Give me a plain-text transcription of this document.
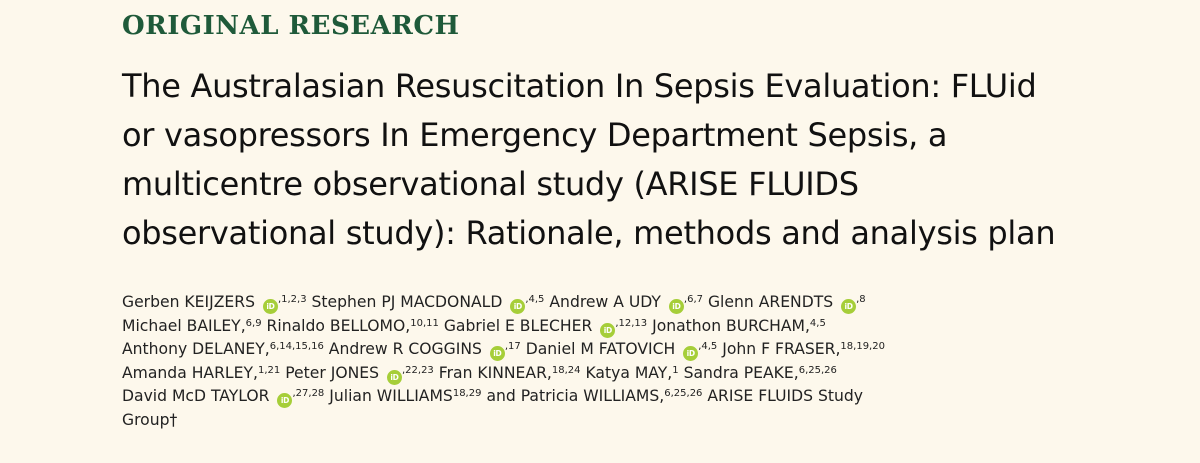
ORIGINAL RESEARCH
The Australasian Resuscitation In Sepsis Evaluation: FLUid
or vasopressors In Emergency Department Sepsis, a
multicentre observational study (ARISE FLUIDS
observational study): Rationale, methods and analysis plan
Gerben KEIJZERS iD $^{,1,2,3}$ Stephen PJ MACDONALD iD $^{,4,5}$ Andrew A UDY iD $^{,6,7}$ Glenn ARENDTS iD $^{,8}$
Michael BAILEY,$^{6,9}$ Rinaldo BELLOMO,$^{10,11}$ Gabriel E BLECHER iD $^{,12,13}$ Jonathon BURCHAM,$^{4,5}$
Anthony DELANEY,$^{6,14,15,16}$ Andrew R COGGINS iD $^{,17}$ Daniel M FATOVICH iD $^{,4,5}$ John F FRASER,$^{18,19,20}$
Amanda HARLEY,$^{1,21}$ Peter JONES iD $^{,22,23}$ Fran KINNEAR,$^{18,24}$ Katya MAY,$^1$ Sandra PEAKE,$^{6,25,26}$
David McD TAYLOR iD $^{,27,28}$ Julian WILLIAMS$^{18,29}$ and Patricia WILLIAMS,$^{6,25,26}$ ARISE FLUIDS Study
Group†
